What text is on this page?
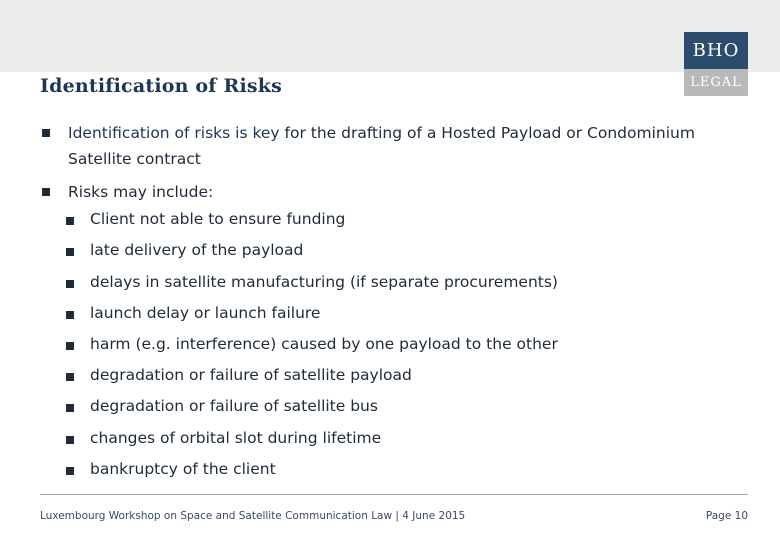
BHO
LEGAL
Identification of Risks
Identification of risks is key for the drafting of a Hosted Payload or Condominium Satellite contract
Risks may include:
Client not able to ensure funding
late delivery of the payload
delays in satellite manufacturing (if separate procurements)
launch delay or launch failure
harm (e.g. interference) caused by one payload to the other
degradation or failure of satellite payload
degradation or failure of satellite bus
changes of orbital slot during lifetime
bankruptcy of the client
Luxembourg Workshop on Space and Satellite Communication Law | 4 June 2015	Page 10
